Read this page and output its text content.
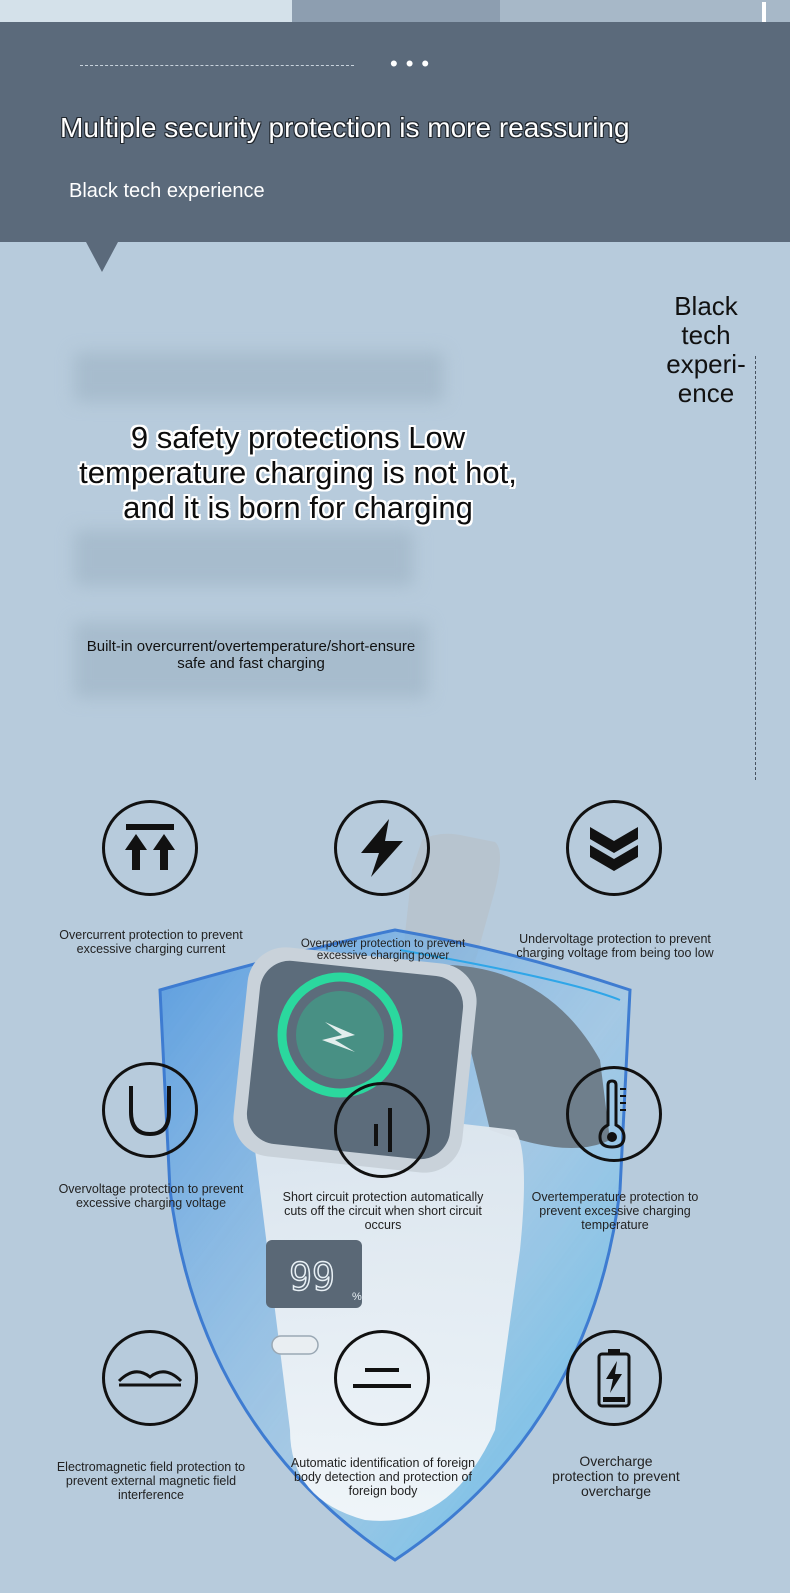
•••
Multiple security protection is more reassuring
Black tech experience
Black
tech
experi-
ence
9 safety protections Low temperature charging is not hot, and it is born for charging
Built-in overcurrent/overtemperature/short-ensure safe and fast charging
99 %
Overcurrent protection to prevent excessive charging current	Overpower protection to prevent excessive charging power
Undervoltage protection to prevent charging voltage from being too low
Overvoltage protection to prevent excessive charging voltage	Short circuit protection automatically cuts off the circuit when short circuit occurs
Overtemperature protection to prevent excessive charging temperature
Electromagnetic field protection to prevent external magnetic field interference
Automatic identification of foreign body detection and protection of foreign body
Overcharge protection to prevent overcharge
